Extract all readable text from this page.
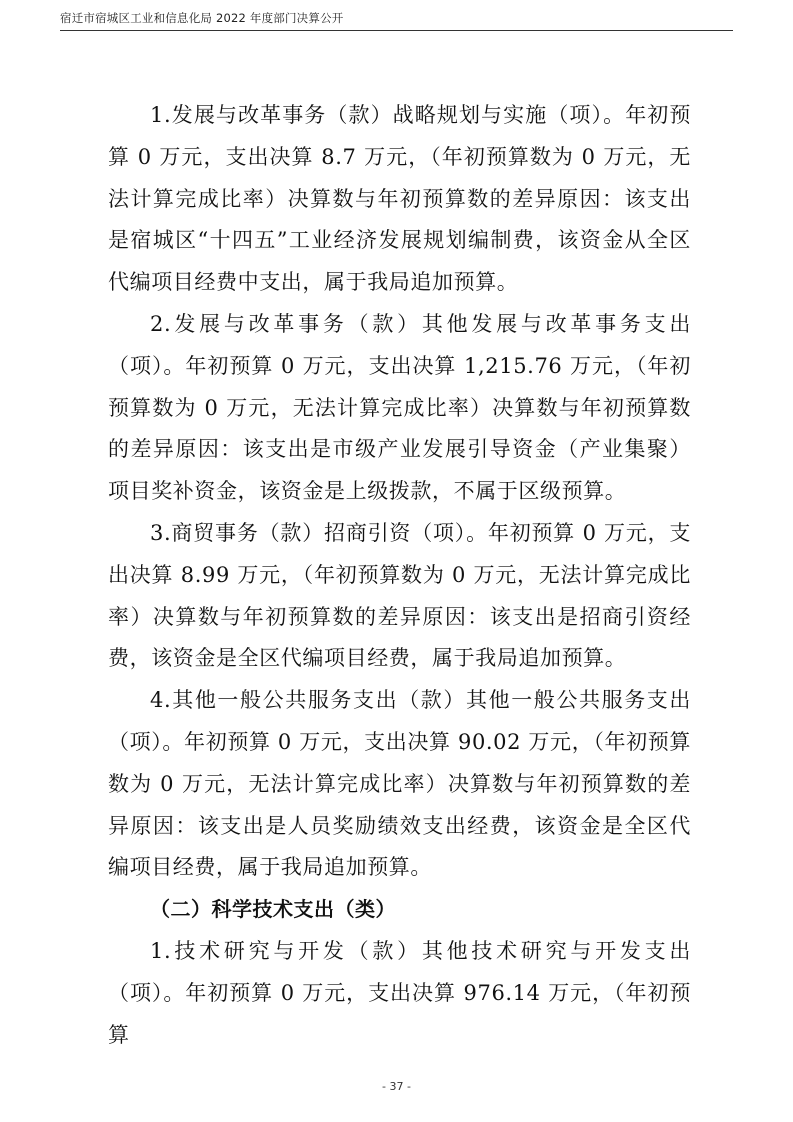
宿迁市宿城区工业和信息化局 2022 年度部门决算公开

1.发展与改革事务（款）战略规划与实施（项）。年初预算 0 万元，支出决算 8.7 万元，（年初预算数为 0 万元，无法计算完成比率）决算数与年初预算数的差异原因：该支出是宿城区“十四五”工业经济发展规划编制费，该资金从全区代编项目经费中支出，属于我局追加预算。

2.发展与改革事务（款）其他发展与改革事务支出（项）。年初预算 0 万元，支出决算 1,215.76 万元，（年初预算数为 0 万元，无法计算完成比率）决算数与年初预算数的差异原因：该支出是市级产业发展引导资金（产业集聚）项目奖补资金，该资金是上级拨款，不属于区级预算。

3.商贸事务（款）招商引资（项）。年初预算 0 万元，支出决算 8.99 万元，（年初预算数为 0 万元，无法计算完成比率）决算数与年初预算数的差异原因：该支出是招商引资经费，该资金是全区代编项目经费，属于我局追加预算。

4.其他一般公共服务支出（款）其他一般公共服务支出（项）。年初预算 0 万元，支出决算 90.02 万元，（年初预算数为 0 万元，无法计算完成比率）决算数与年初预算数的差异原因：该支出是人员奖励绩效支出经费，该资金是全区代编项目经费，属于我局追加预算。

（二）科学技术支出（类）

1.技术研究与开发（款）其他技术研究与开发支出（项）。年初预算 0 万元，支出决算 976.14 万元，（年初预算

- 37 -
